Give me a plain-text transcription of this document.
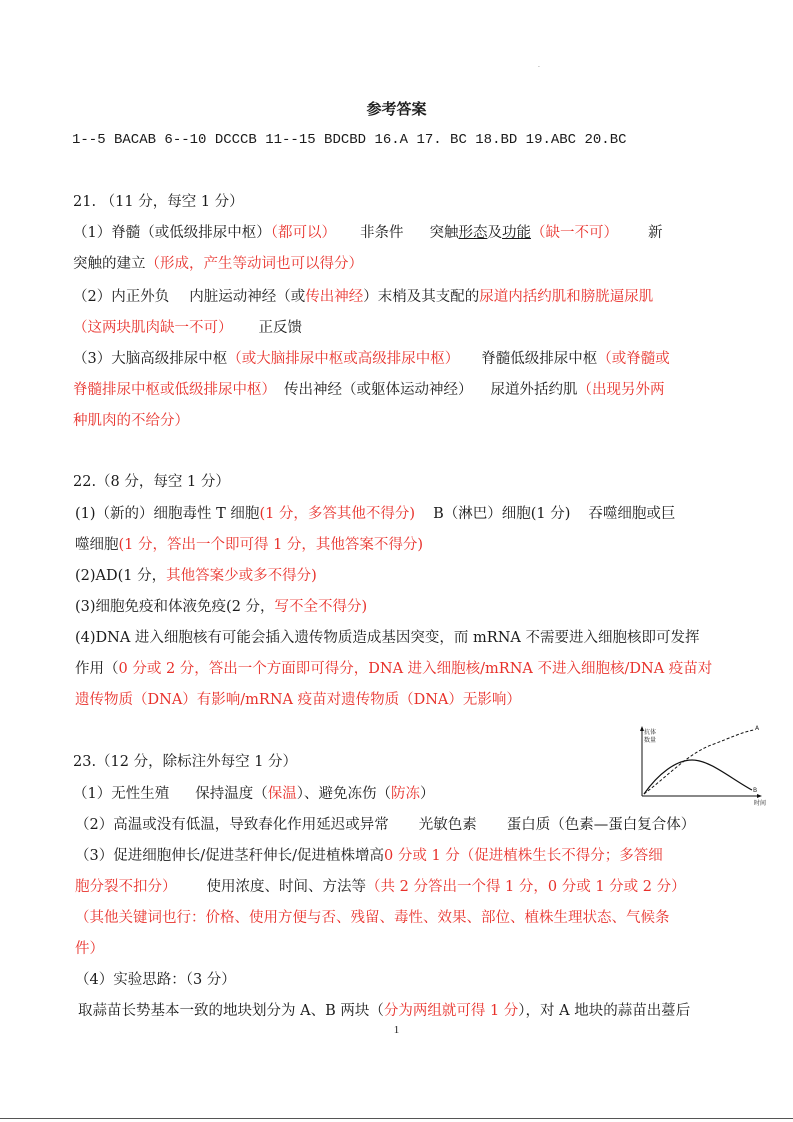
.
参考答案
1--5 BACAB 6--10 DCCCB 11--15 BDCBD 16.A 17. BC 18.BD 19.ABC 20.BC
21. （11 分，每空 1 分）
（1）脊髓（或低级排尿中枢）（都可以） 非条件 突触形态及功能（缺一不可） 新
突触的建立（形成，产生等动词也可以得分）
（2）内正外负 内脏运动神经（或传出神经）末梢及其支配的尿道内括约肌和膀胱逼尿肌
（这两块肌肉缺一不可） 正反馈
（3）大脑高级排尿中枢（或大脑排尿中枢或高级排尿中枢） 脊髓低级排尿中枢（或脊髓或
脊髓排尿中枢或低级排尿中枢） 传出神经（或躯体运动神经） 尿道外括约肌（出现另外两
种肌肉的不给分）
22.（8 分，每空 1 分）
(1)（新的）细胞毒性 T 细胞(1 分，多答其他不得分) B（淋巴）细胞(1 分) 吞噬细胞或巨
噬细胞(1 分，答出一个即可得 1 分，其他答案不得分)
(2)AD(1 分，其他答案少或多不得分)
(3)细胞免疫和体液免疫(2 分，写不全不得分)
(4)DNA 进入细胞核有可能会插入遗传物质造成基因突变，而 mRNA 不需要进入细胞核即可发挥
作用（0 分或 2 分，答出一个方面即可得分，DNA 进入细胞核/mRNA 不进入细胞核/DNA 疫苗对
遗传物质（DNA）有影响/mRNA 疫苗对遗传物质（DNA）无影响）
抗体
数量
A
B
时间
23.（12 分，除标注外每空 1 分）
（1）无性生殖 保持温度（保温）、避免冻伤（防冻）
（2）高温或没有低温，导致春化作用延迟或异常 光敏色素 蛋白质（色素—蛋白复合体）
（3）促进细胞伸长/促进茎秆伸长/促进植株增高0 分或 1 分（促进植株生长不得分；多答细
胞分裂不扣分） 使用浓度、时间、方法等（共 2 分答出一个得 1 分，0 分或 1 分或 2 分）
（其他关键词也行：价格、使用方便与否、残留、毒性、效果、部位、植株生理状态、气候条
件）
（4）实验思路：（3 分）
取蒜苗长势基本一致的地块划分为 A、B 两块（分为两组就可得 1 分），对 A 地块的蒜苗出薹后
1
